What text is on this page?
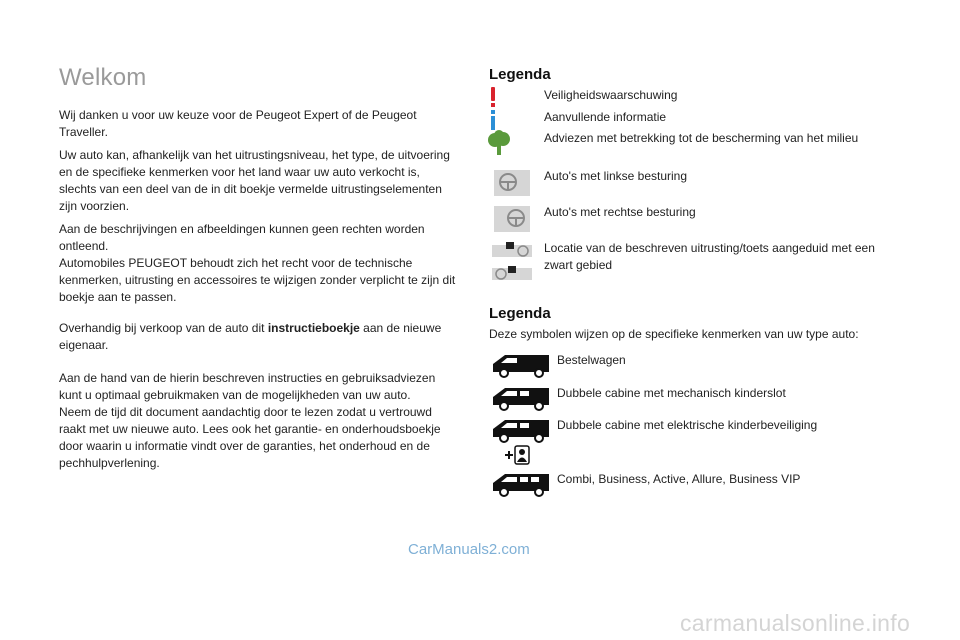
Welkom

Wij danken u voor uw keuze voor de Peugeot Expert of de Peugeot Traveller.

Uw auto kan, afhankelijk van het uitrustingsniveau, het type, de uitvoering en de specifieke kenmerken voor het land waar uw auto verkocht is, slechts van een deel van de in dit boekje vermelde uitrustingselementen zijn voorzien.

Aan de beschrijvingen en afbeeldingen kunnen geen rechten worden ontleend.
Automobiles PEUGEOT behoudt zich het recht voor de technische kenmerken, uitrusting en accessoires te wijzigen zonder verplicht te zijn dit boekje aan te passen.

Overhandig bij verkoop van de auto dit instructieboekje aan de nieuwe eigenaar.

Aan de hand van de hierin beschreven instructies en gebruiksadviezen kunt u optimaal gebruikmaken van de mogelijkheden van uw auto.
Neem de tijd dit document aandachtig door te lezen zodat u vertrouwd raakt met uw nieuwe auto. Lees ook het garantie- en onderhoudsboekje door waarin u informatie vindt over de garanties, het onderhoud en de pechhulpverlening.

Legenda
Veiligheidswaarschuwing
Aanvullende informatie
Adviezen met betrekking tot de bescherming van het milieu
Auto's met linkse besturing
Auto's met rechtse besturing
Locatie van de beschreven uitrusting/toets aangeduid met een zwart gebied
Legenda
Deze symbolen wijzen op de specifieke kenmerken van uw type auto:
Bestelwagen
Dubbele cabine met mechanisch kinderslot
Dubbele cabine met elektrische kinderbeveiliging
Combi, Business, Active, Allure, Business VIP
CarManuals2.com
carmanualsonline.info
